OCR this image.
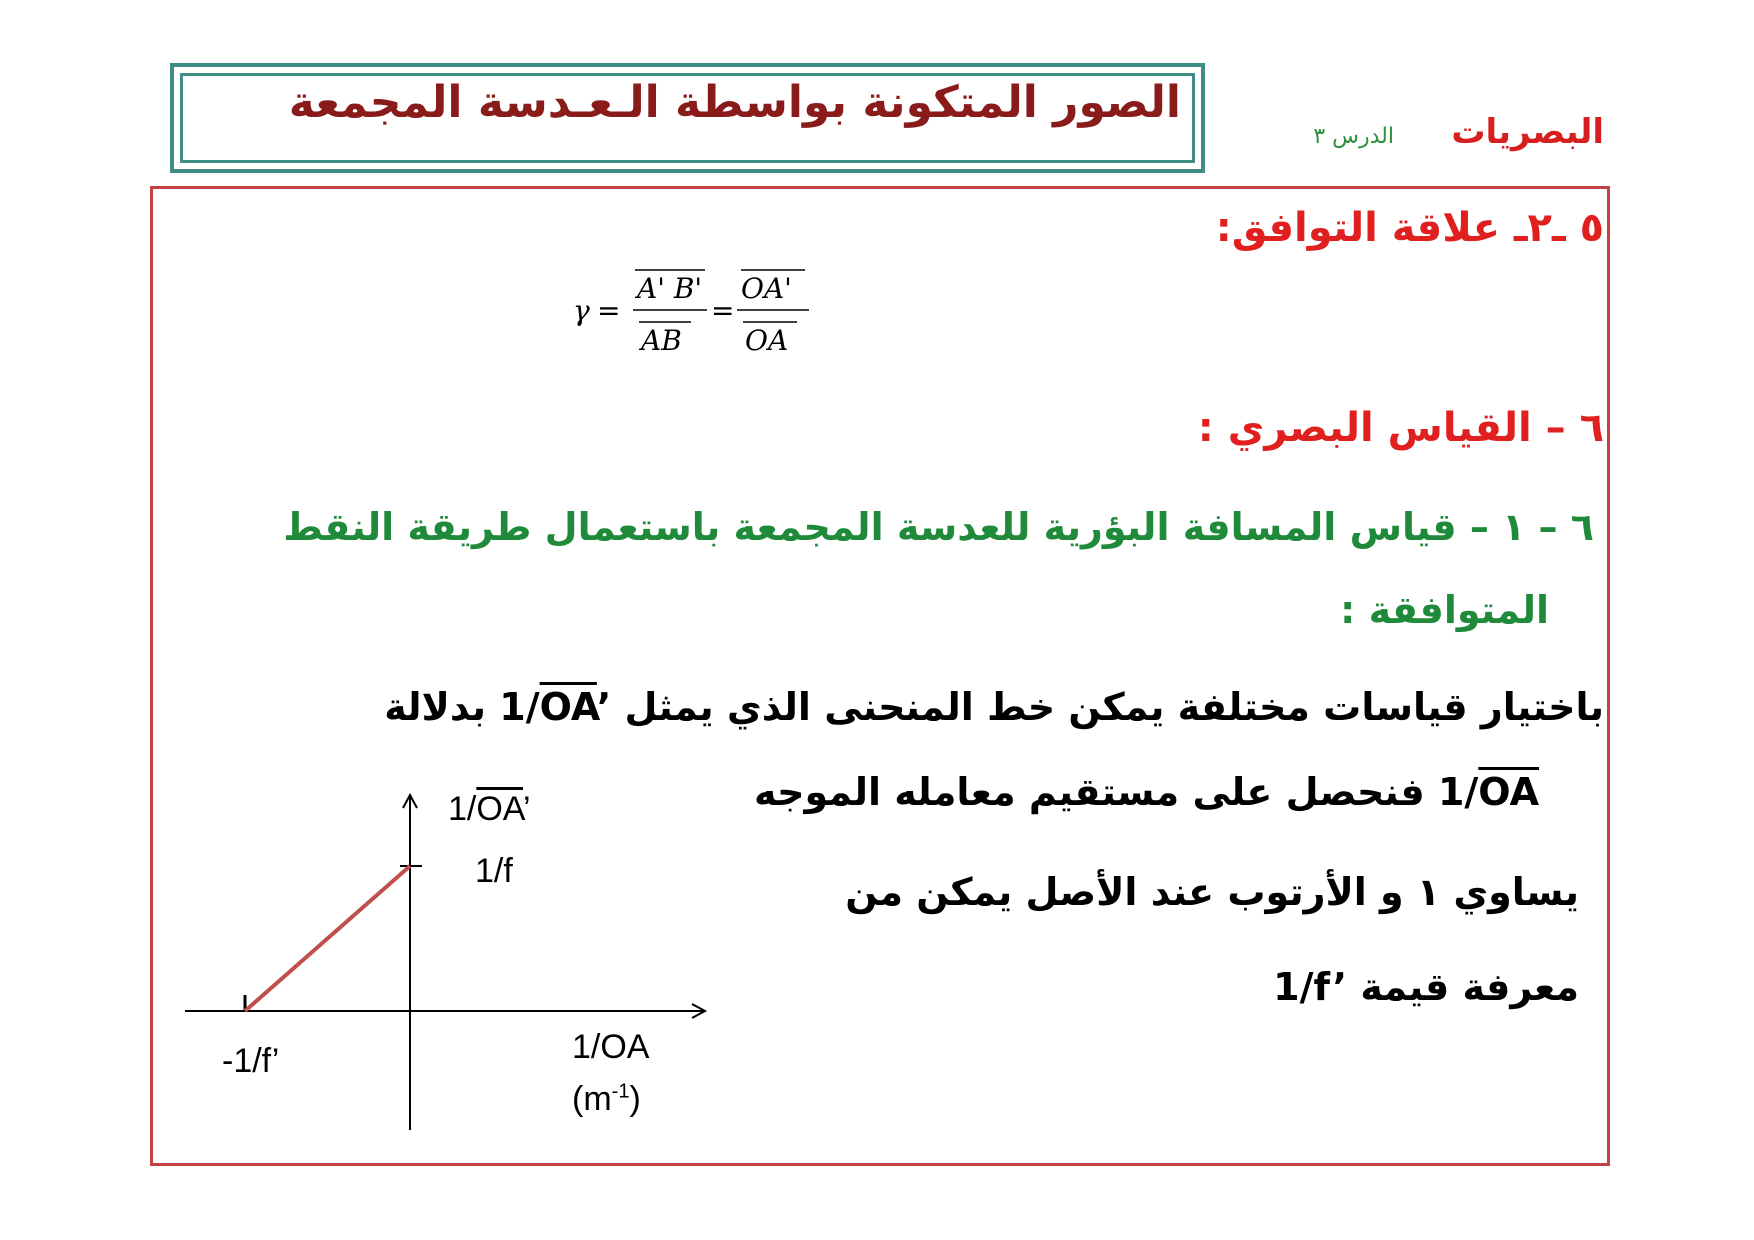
الصور المتكونة بواسطة الـعـدسة المجمعة
البصريات
الدرس ٣
٥ ـ٢ـ علاقة التوافق:
γ =
A' B'
AB
=
OA'
OA
٦ – القياس البصري :
٦ – ١ – قياس المسافة البؤرية للعدسة المجمعة باستعمال طريقة النقط
المتوافقة :
باختيار قياسات مختلفة يمكن خط المنحنى الذي يمثل $1/\overline{OA}$’ بدلالة
$1/\overline{OA}$ فنحصل على مستقيم معامله الموجه
يساوي ١ و الأرتوب عند الأصل يمكن من
معرفة قيمة 1/f’
$1/\overline{OA}$’
1/f
-1/f’	1/OA
$(m^{-1})$
